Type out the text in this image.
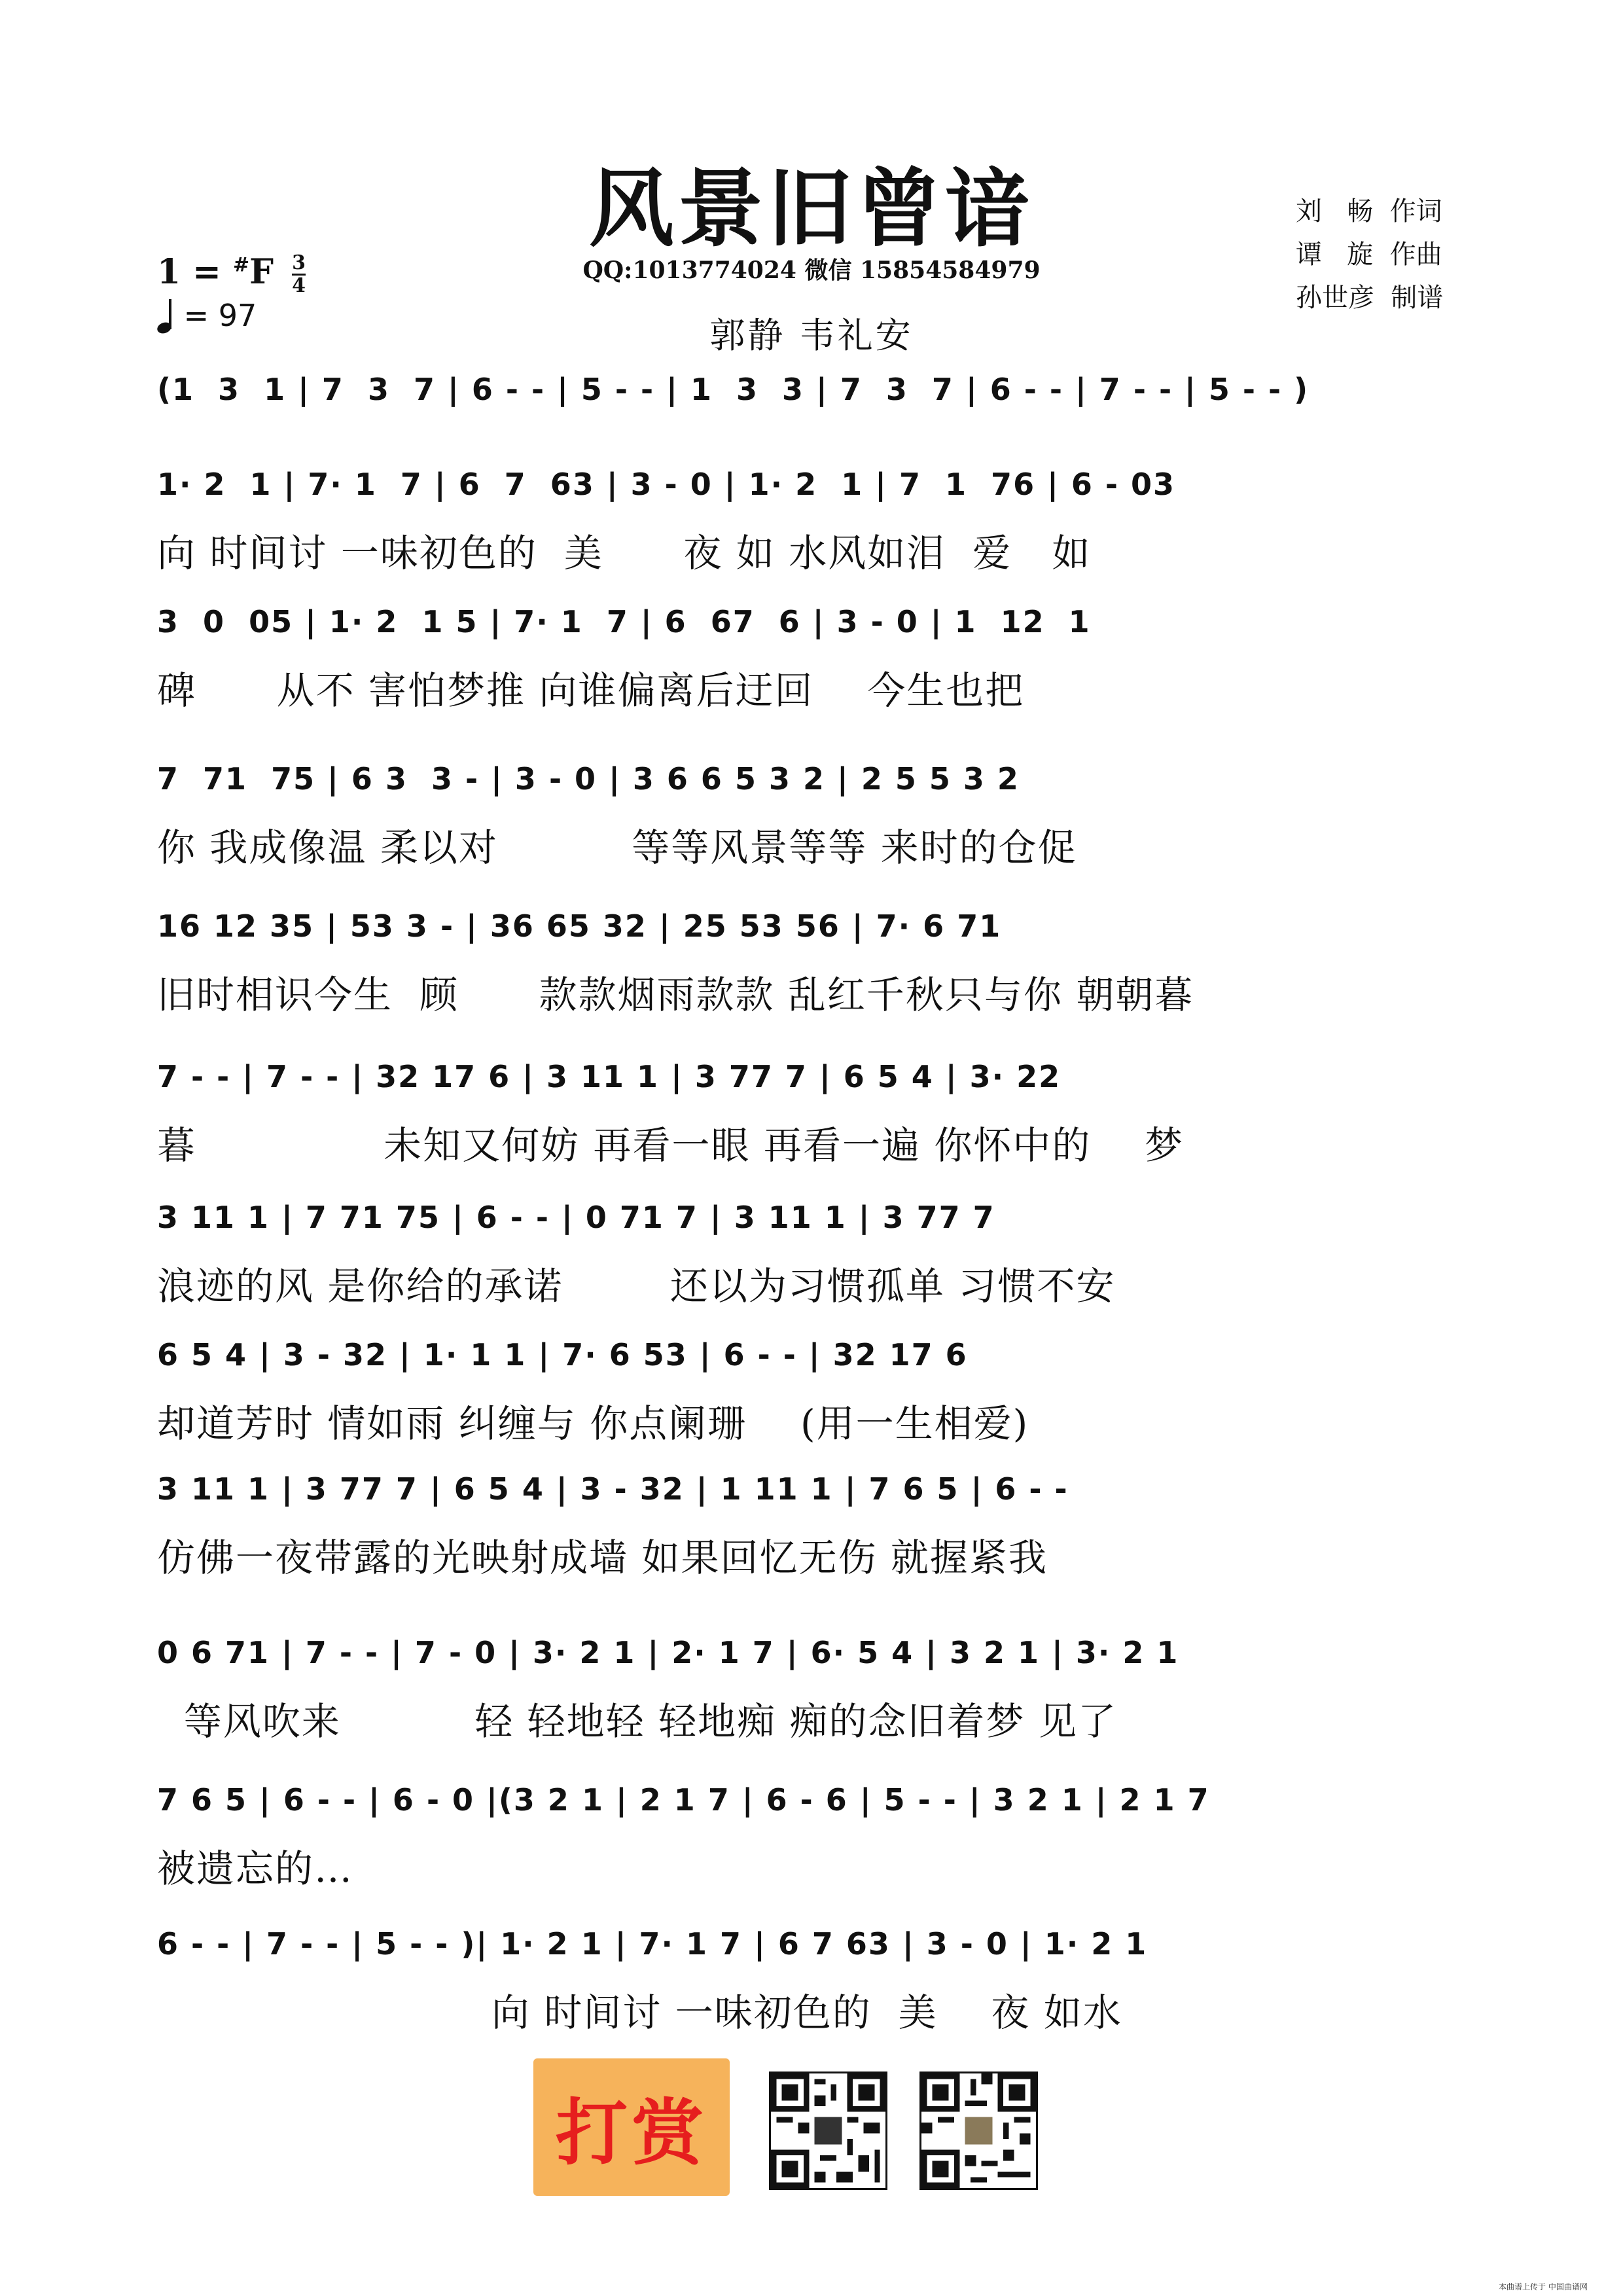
风景旧曾谙
QQ:1013774024 微信 15854584979
郭静 韦礼安
刘   畅  作词
谭   旋  作曲
孙世彦  制谱
$1 = ^{\#}F \frac{3}{4}$
= 97
(1  3  1 | 7  3  7 | 6 - - | 5 - - | 1  3  3 | 7  3  7 | 6 - - | 7 - - | 5 - - )
1· 2  1 | 7· 1  7 | 6  7  63 | 3 - 0 | 1· 2  1 | 7  1  76 | 6 - 03
向 时间讨 一味初色的  美      夜 如 水风如泪  爱   如
3  0  05 | 1· 2  1 5 | 7· 1  7 | 6  67  6 | 3 - 0 | 1  12  1
碑      从不 害怕梦推 向谁偏离后迂回    今生也把
7  71  75 | 6 3  3 - | 3 - 0 | 3 6 6 5 3 2 | 2 5 5 3 2
你 我成像温 柔以对          等等风景等等 来时的仓促
16 12 35 | 53 3 - | 36 65 32 | 25 53 56 | 7· 6 71
旧时相识今生  顾      款款烟雨款款 乱红千秋只与你 朝朝暮
7 - - | 7 - - | 32 17 6 | 3 11 1 | 3 77 7 | 6 5 4 | 3· 22
暮              未知又何妨 再看一眼 再看一遍 你怀中的    梦
3 11 1 | 7 71 75 | 6 - - | 0 71 7 | 3 11 1 | 3 77 7
浪迹的风 是你给的承诺        还以为习惯孤单 习惯不安
6 5 4 | 3 - 32 | 1· 1 1 | 7· 6 53 | 6 - - | 32 17 6
却道芳时 情如雨 纠缠与 你点阑珊    (用一生相爱)
3 11 1 | 3 77 7 | 6 5 4 | 3 - 32 | 1 11 1 | 7 6 5 | 6 - -
仿佛一夜带露的光映射成墙 如果回忆无伤 就握紧我
0 6 71 | 7 - - | 7 - 0 | 3· 2 1 | 2· 1 7 | 6· 5 4 | 3 2 1 | 3· 2 1
等风吹来          轻 轻地轻 轻地痴 痴的念旧着梦 见了
7 6 5 | 6 - - | 6 - 0 |(3 2 1 | 2 1 7 | 6 - 6 | 5 - - | 3 2 1 | 2 1 7
被遗忘的…
6 - - | 7 - - | 5 - - )| 1· 2 1 | 7· 1 7 | 6 7 63 | 3 - 0 | 1· 2 1
向 时间讨 一味初色的  美    夜 如水
打赏
本曲谱上传于 中国曲谱网
